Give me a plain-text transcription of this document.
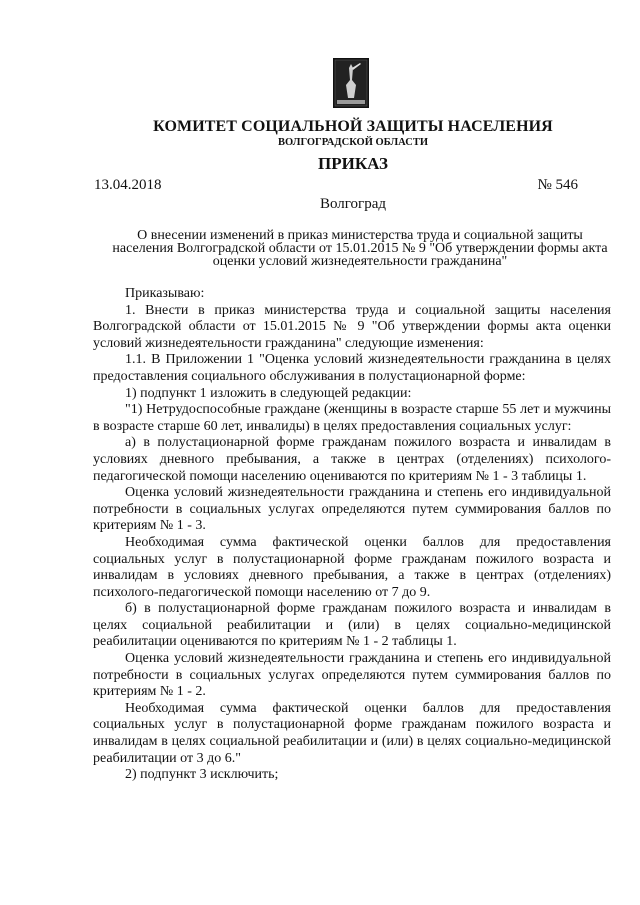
КОМИТЕТ СОЦИАЛЬНОЙ ЗАЩИТЫ НАСЕЛЕНИЯ
ВОЛГОГРАДСКОЙ ОБЛАСТИ
ПРИКАЗ
13.04.2018	№ 546
Волгоград
О внесении изменений в приказ министерства труда и социальной защиты населения Волгоградской области от 15.01.2015 № 9 "Об утверждении формы акта оценки условий жизнедеятельности гражданина"

Приказываю:

1. Внести в приказ министерства труда и социальной защиты населения Волгоградской области от 15.01.2015 № 9 "Об утверждении формы акта оценки условий жизнедеятельности гражданина" следующие изменения:

1.1. В Приложении 1 "Оценка условий жизнедеятельности гражданина в целях предоставления социального обслуживания в полустационарной форме:

1) подпункт 1 изложить в следующей редакции:

"1) Нетрудоспособные граждане (женщины в возрасте старше 55 лет и мужчины в возрасте старше 60 лет, инвалиды) в целях предоставления социальных услуг:

а) в полустационарной форме гражданам пожилого возраста и инвалидам в условиях дневного пребывания, а также в центрах (отделениях) психолого-педагогической помощи населению оцениваются по критериям № 1 - 3 таблицы 1.

Оценка условий жизнедеятельности гражданина и степень его индивидуальной потребности в социальных услугах определяются путем суммирования баллов по критериям № 1 - 3.

Необходимая сумма фактической оценки баллов для предоставления социальных услуг в полустационарной форме гражданам пожилого возраста и инвалидам в условиях дневного пребывания, а также в центрах (отделениях) психолого-педагогической помощи населению от 7 до 9.

б) в полустационарной форме гражданам пожилого возраста и инвалидам в целях социальной реабилитации и (или) в целях социально-медицинской реабилитации оцениваются по критериям № 1 - 2 таблицы 1.

Оценка условий жизнедеятельности гражданина и степень его индивидуальной потребности в социальных услугах определяются путем суммирования баллов по критериям № 1 - 2.

Необходимая сумма фактической оценки баллов для предоставления социальных услуг в полустационарной форме гражданам пожилого возраста и инвалидам в целях социальной реабилитации и (или) в целях социально-медицинской реабилитации от 3 до 6."

2) подпункт 3 исключить;
